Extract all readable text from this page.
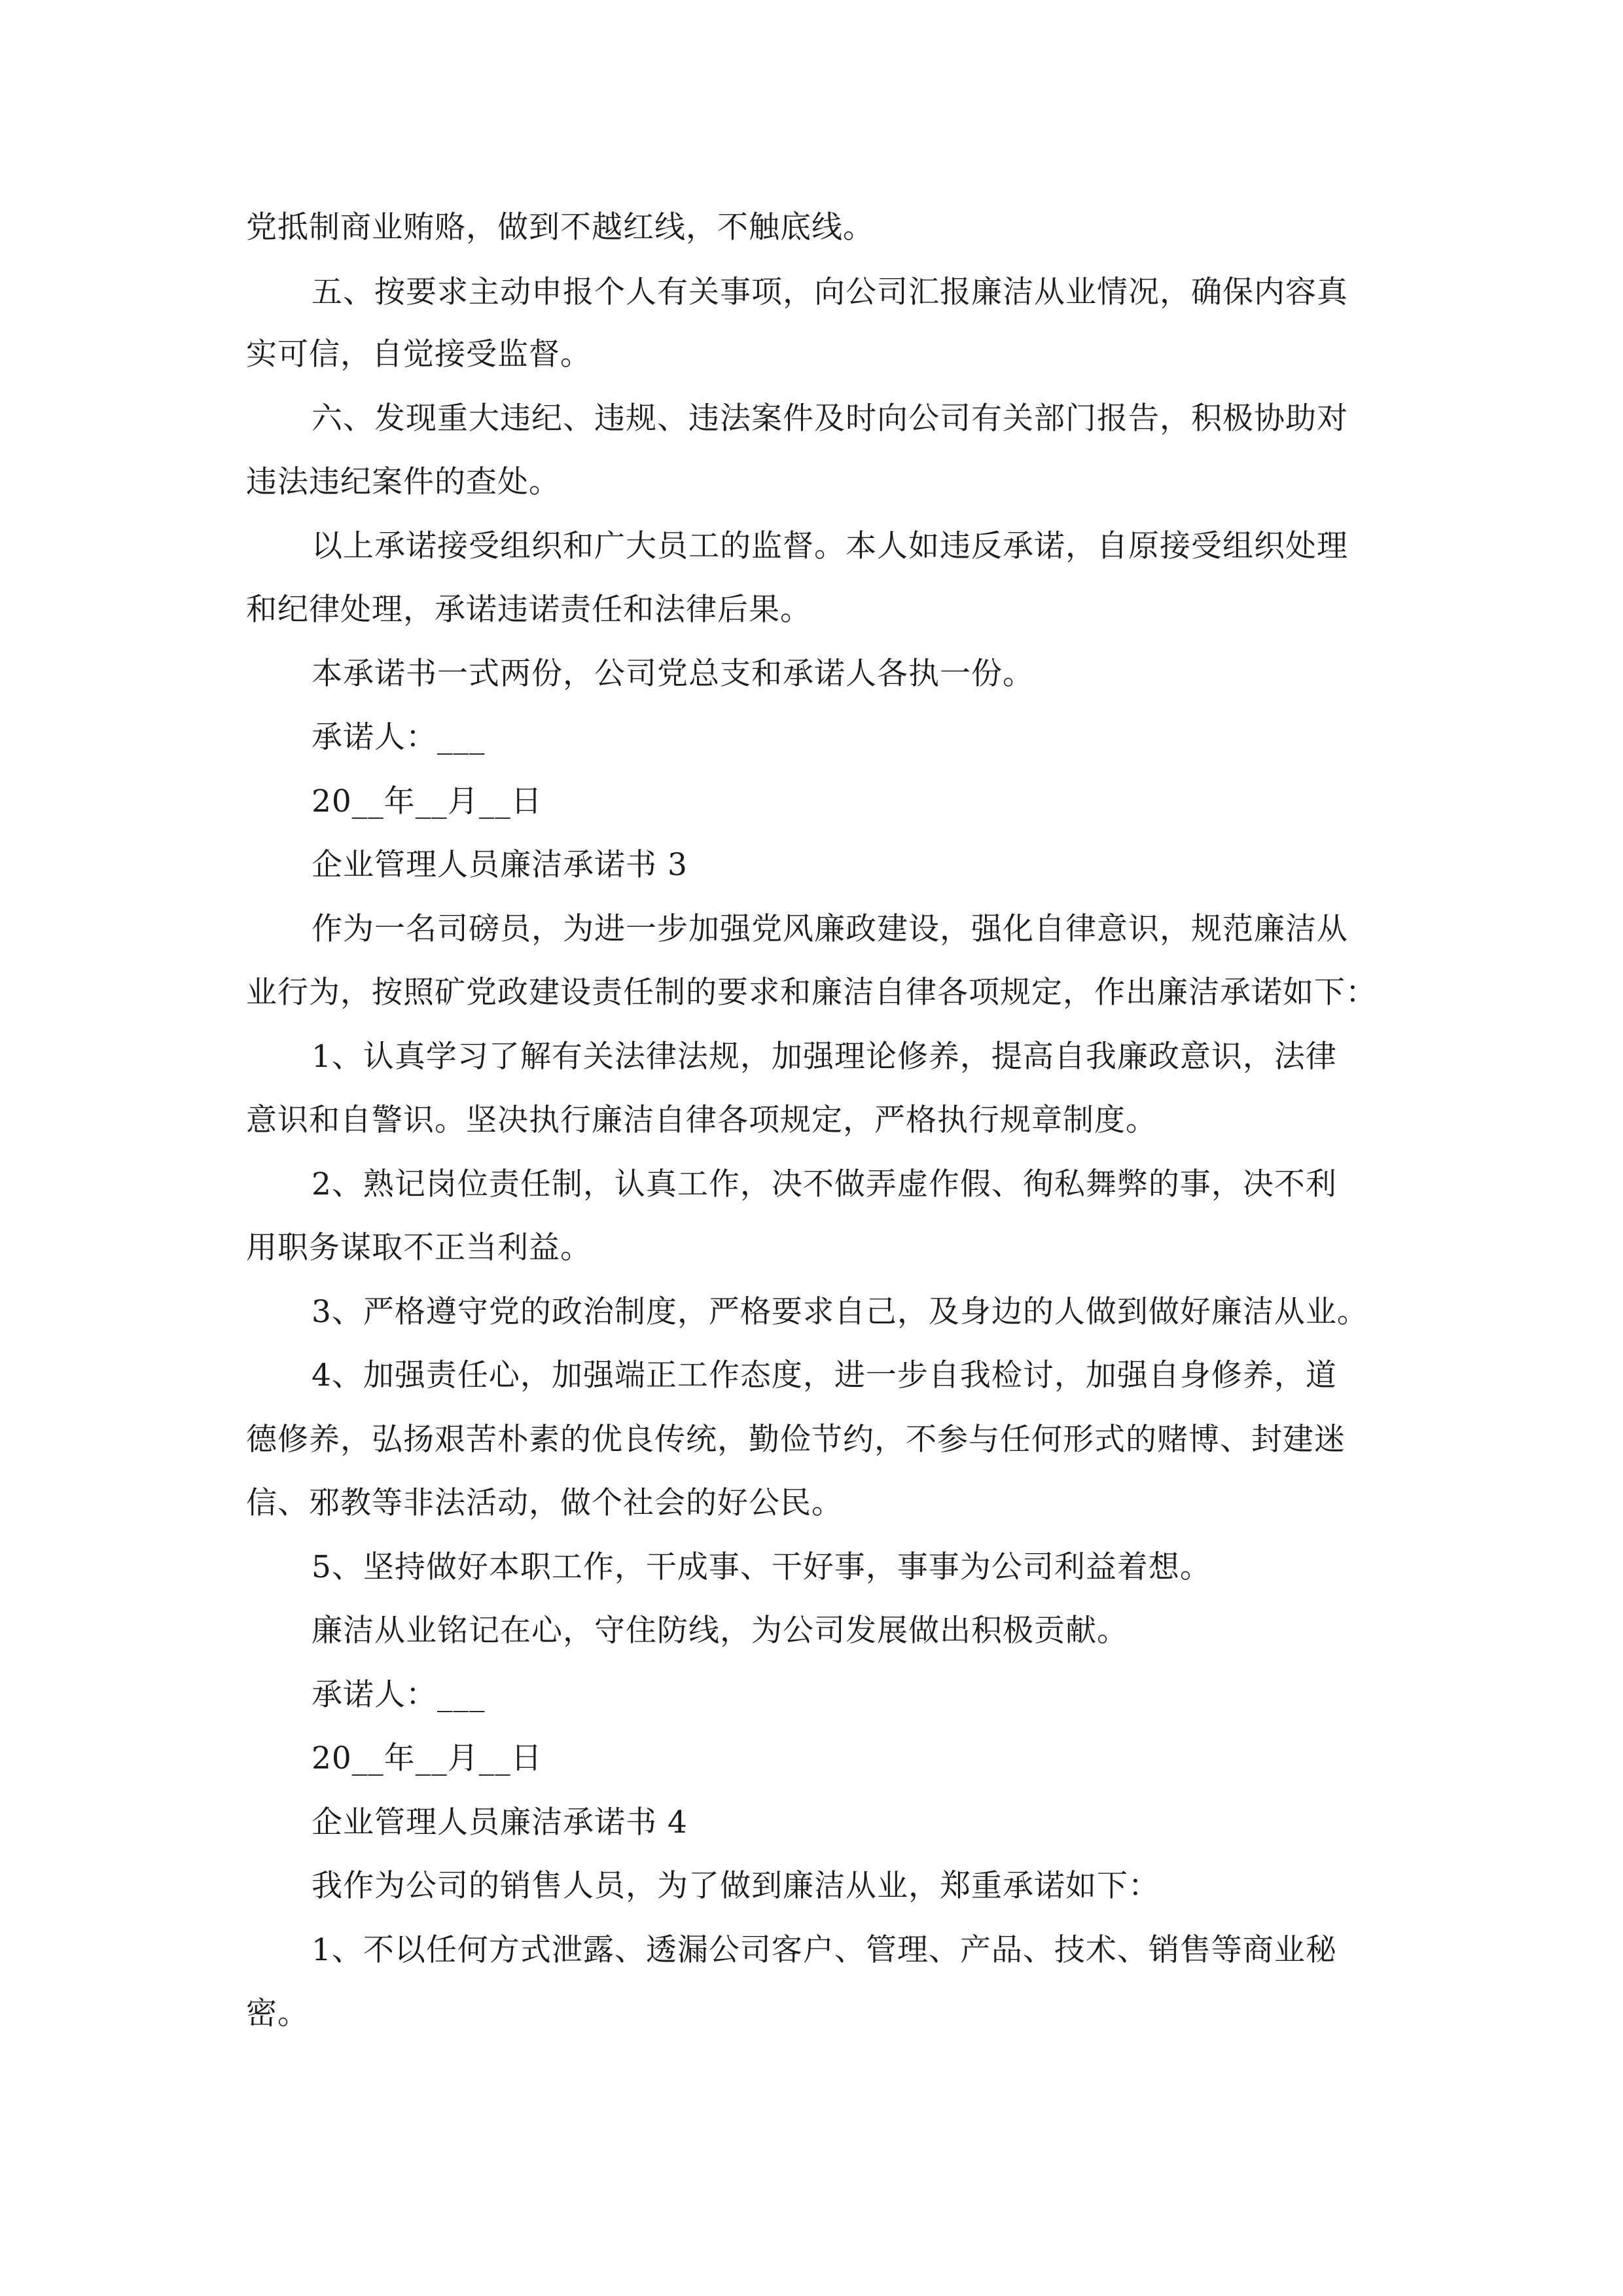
党抵制商业贿赂，做到不越红线，不触底线。
五、按要求主动申报个人有关事项，向公司汇报廉洁从业情况，确保内容真
实可信，自觉接受监督。
六、发现重大违纪、违规、违法案件及时向公司有关部门报告，积极协助对
违法违纪案件的查处。
以上承诺接受组织和广大员工的监督。本人如违反承诺，自原接受组织处理
和纪律处理，承诺违诺责任和法律后果。
本承诺书一式两份，公司党总支和承诺人各执一份。
承诺人：___
20__年__月__日
企业管理人员廉洁承诺书 3
作为一名司磅员，为进一步加强党风廉政建设，强化自律意识，规范廉洁从
业行为，按照矿党政建设责任制的要求和廉洁自律各项规定，作出廉洁承诺如下：
1、认真学习了解有关法律法规，加强理论修养，提高自我廉政意识，法律
意识和自警识。坚决执行廉洁自律各项规定，严格执行规章制度。
2、熟记岗位责任制，认真工作，决不做弄虚作假、徇私舞弊的事，决不利
用职务谋取不正当利益。
3、严格遵守党的政治制度，严格要求自己，及身边的人做到做好廉洁从业。
4、加强责任心，加强端正工作态度，进一步自我检讨，加强自身修养，道
德修养，弘扬艰苦朴素的优良传统，勤俭节约，不参与任何形式的赌博、封建迷
信、邪教等非法活动，做个社会的好公民。
5、坚持做好本职工作，干成事、干好事，事事为公司利益着想。
廉洁从业铭记在心，守住防线，为公司发展做出积极贡献。
承诺人：___
20__年__月__日
企业管理人员廉洁承诺书 4
我作为公司的销售人员，为了做到廉洁从业，郑重承诺如下：
1、不以任何方式泄露、透漏公司客户、管理、产品、技术、销售等商业秘
密。
